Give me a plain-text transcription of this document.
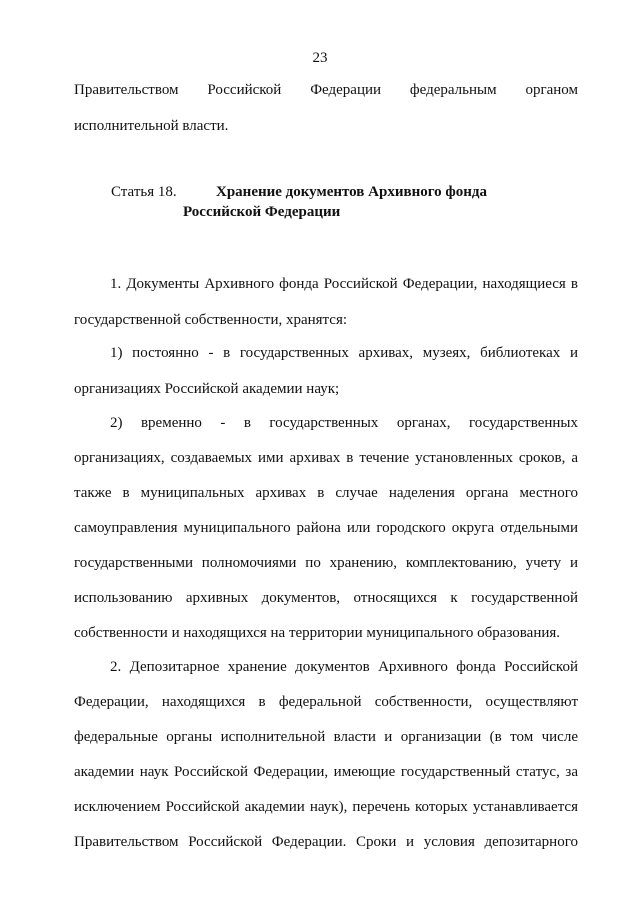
23
Правительством Российской Федерации федеральным органом
исполнительной власти.
Статья 18.	Хранение документов Архивного фонда
Российской Федерации
1. Документы Архивного фонда Российской Федерации, находящиеся в
государственной собственности, хранятся:
1) постоянно - в государственных архивах, музеях, библиотеках и
организациях Российской академии наук;
2) временно - в государственных органах, государственных
организациях, создаваемых ими архивах в течение установленных сроков, а
также в муниципальных архивах в случае наделения органа местного
самоуправления муниципального района или городского округа отдельными
государственными полномочиями по хранению, комплектованию, учету и
использованию архивных документов, относящихся к государственной
собственности и находящихся на территории муниципального образования.
2. Депозитарное хранение документов Архивного фонда Российской
Федерации, находящихся в федеральной собственности, осуществляют
федеральные органы исполнительной власти и организации (в том числе
академии наук Российской Федерации, имеющие государственный статус, за
исключением Российской академии наук), перечень которых устанавливается
Правительством Российской Федерации. Сроки и условия депозитарного
